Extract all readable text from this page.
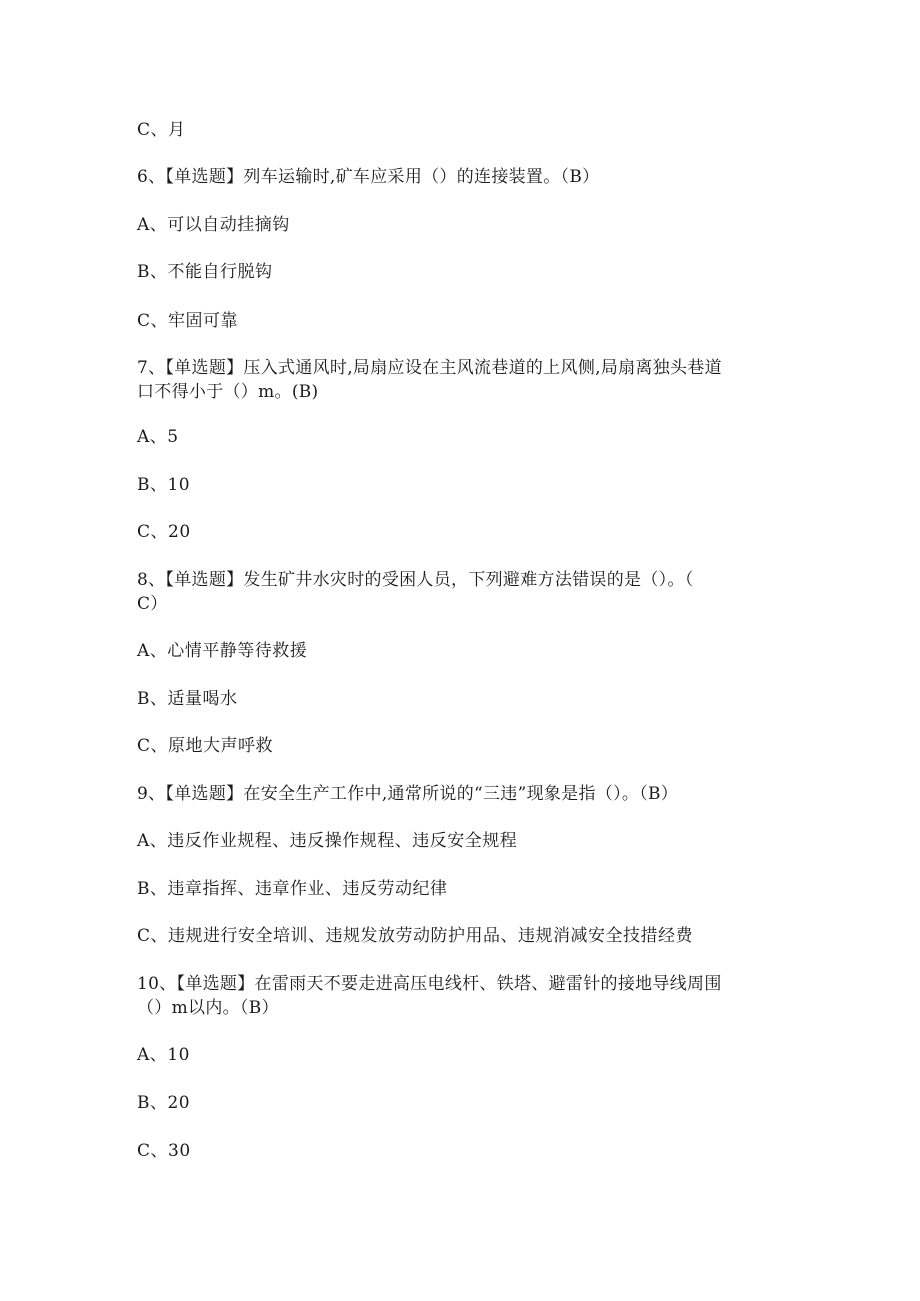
C、月
6、【单选题】列车运输时,矿车应采用（）的连接装置。（B）
A、可以自动挂摘钩
B、不能自行脱钩
C、牢固可靠
7、【单选题】压入式通风时,局扇应设在主风流巷道的上风侧,局扇离独头巷道
口不得小于（）m。(B)
A、5
B、10
C、20
8、【单选题】发生矿井水灾时的受困人员，下列避难方法错误的是（）。（
C）
A、心情平静等待救援
B、适量喝水
C、原地大声呼救
9、【单选题】在安全生产工作中,通常所说的“三违”现象是指（）。（B）
A、违反作业规程、违反操作规程、违反安全规程
B、违章指挥、违章作业、违反劳动纪律
C、违规进行安全培训、违规发放劳动防护用品、违规消减安全技措经费
10、【单选题】在雷雨天不要走进高压电线杆、铁塔、避雷针的接地导线周围
（）m以内。（B）
A、10
B、20
C、30
